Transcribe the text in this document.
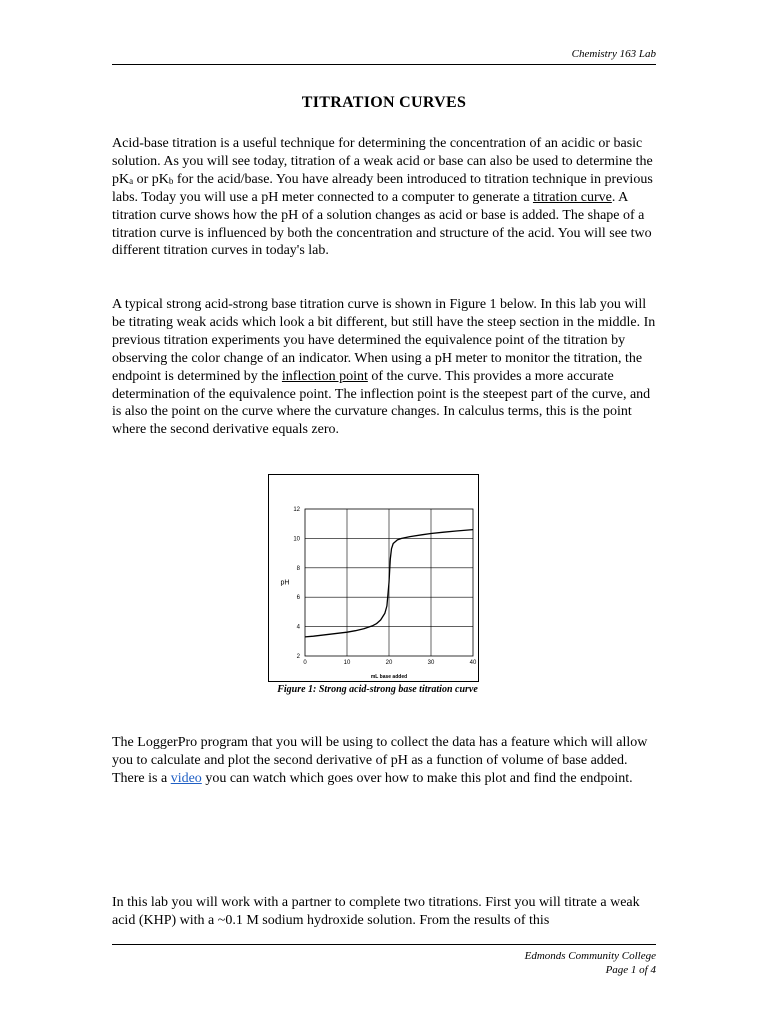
Chemistry 163 Lab
TITRATION CURVES

Acid-base titration is a useful technique for determining the concentration of an acidic or basic solution. As you will see today, titration of a weak acid or base can also be used to determine the $pK_a$ or $pK_b$ for the acid/base. You have already been introduced to titration technique in previous labs. Today you will use a pH meter connected to a computer to generate a titration curve. A titration curve shows how the pH of a solution changes as acid or base is added. The shape of a titration curve is influenced by both the concentration and structure of the acid. You will see two different titration curves in today's lab.

A typical strong acid-strong base titration curve is shown in Figure 1 below. In this lab you will be titrating weak acids which look a bit different, but still have the steep section in the middle. In previous titration experiments you have determined the equivalence point of the titration by observing the color change of an indicator. When using a pH meter to monitor the titration, the endpoint is determined by the inflection point of the curve. This provides a more accurate determination of the equivalence point. The inflection point is the steepest part of the curve, and is also the point on the curve where the curvature changes. In calculus terms, this is the point where the second derivative equals zero.

0	10	20	30	40
2
4
6
8
10
12
pH
mL base added
Figure 1: Strong acid-strong base titration curve

The LoggerPro program that you will be using to collect the data has a feature which will allow you to calculate and plot the second derivative of pH as a function of volume of base added. There is a video you can watch which goes over how to make this plot and find the endpoint.

In this lab you will work with a partner to complete two titrations. First you will titrate a weak acid (KHP) with a ~0.1 M sodium hydroxide solution. From the results of this

Edmonds Community College
Page 1 of 4
